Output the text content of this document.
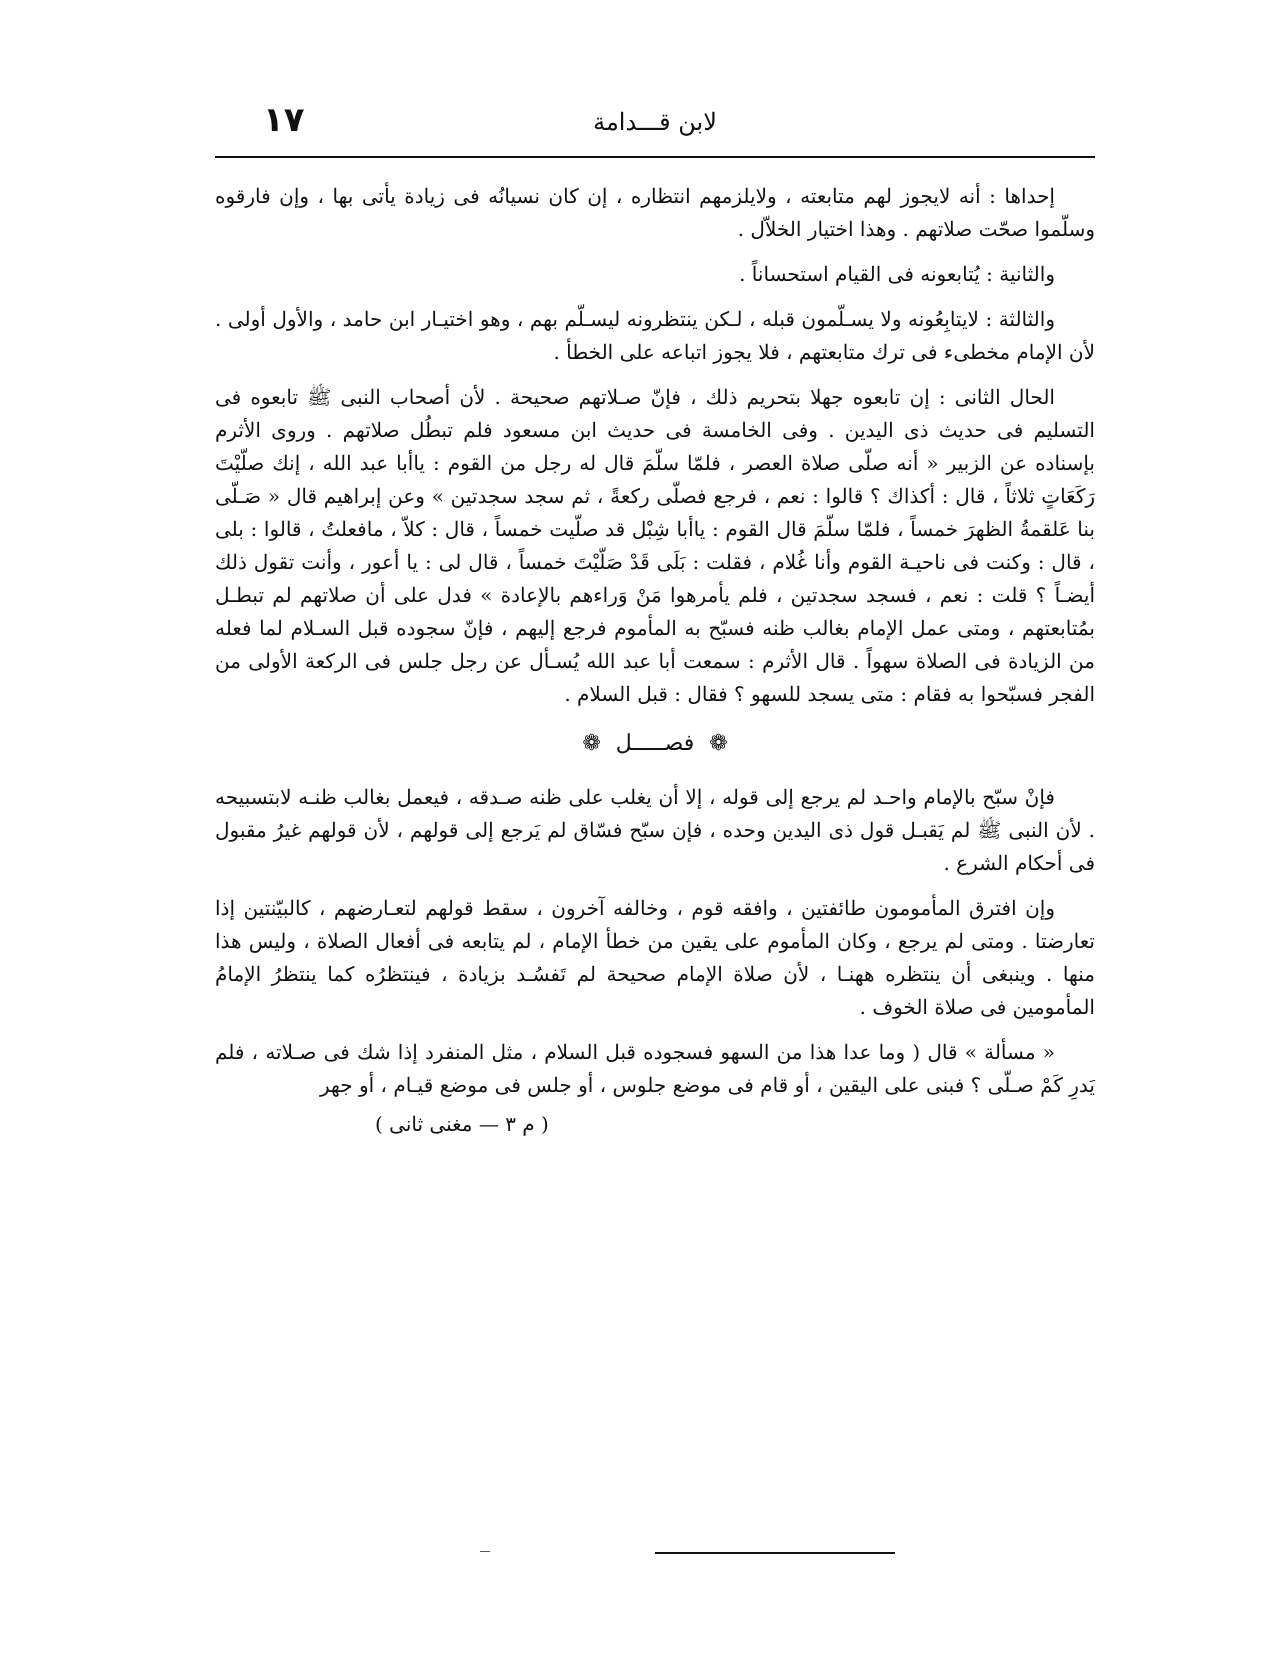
١٧	لابن قـــدامة

إحداها : أنه لايجوز لهم متابعته ، ولايلزمهم انتظاره ، إن كان نسيانُه فى زيادة يأتى بها ، وإن فارقوه وسلّموا صحّت صلاتهم . وهذا اختيار الخلاّل .

والثانية : يُتابعونه فى القيام استحساناً .

والثالثة : لايتابِعُونه ولا يسـلّمون قبله ، لـكن ينتظرونه ليسـلّم بهم ، وهو اختيـار ابن حامد ، والأول أولى . لأن الإمام مخطىء فى ترك متابعتهم ، فلا يجوز اتباعه على الخطأ .

الحال الثانى : إن تابعوه جهلا بتحريم ذلك ، فإنّ صـلاتهم صحيحة . لأن أصحاب النبى ﷺ تابعوه فى التسليم فى حديث ذى اليدين . وفى الخامسة فى حديث ابن مسعود فلم تبطُل صلاتهم . وروى الأثرم بإسناده عن الزبير « أنه صلّى صلاة العصر ، فلمّا سلّمَ قال له رجل من القوم : ياأبا عبد الله ، إنك صلّيْتَ رَكَعَاتٍ ثلاثاً ، قال : أكذاك ؟ قالوا : نعم ، فرجع فصلّى ركعةً ، ثم سجد سجدتين » وعن إبراهيم قال « صَـلّى بنا عَلقمةُ الظهرَ خمساً ، فلمّا سلّمَ قال القوم : ياأبا شِبْل قد صلّيت خمساً ، قال : كلاّ ، مافعلتُ ، قالوا : بلى ، قال : وكنت فى ناحيـة القوم وأنا غُلام ، فقلت : بَلَى قَدْ صَلّيْتَ خمساً ، قال لى : يا أعور ، وأنت تقول ذلك أيضـاً ؟ قلت : نعم ، فسجد سجدتين ، فلم يأمرهوا مَنْ وَراءهم بالإعادة » فدل على أن صلاتهم لم تبطـل بمُتابعتهم ، ومتى عمل الإمام بغالب ظنه فسبّح به المأموم فرجع إليهم ، فإنّ سجوده قبل السـلام لما فعله من الزيادة فى الصلاة سهواً . قال الأثرم : سمعت أبا عبد الله يُسـأل عن رجل جلس فى الركعة الأولى من الفجر فسبّحوا به فقام : متى يسجد للسهو ؟ فقال : قبل السلام .

❁ فصـــــل ❁

فإنْ سبّح بالإمام واحـد لم يرجع إلى قوله ، إلا أن يغلب على ظنه صـدقه ، فيعمل بغالب ظنـه لابتسبيحه . لأن النبى ﷺ لم يَقبـل قول ذى اليدين وحده ، فإن سبّح فسّاق لم يَرجع إلى قولهم ، لأن قولهم غيرُ مقبول فى أحكام الشرع .

وإن افترق المأمومون طائفتين ، وافقه قوم ، وخالفه آخرون ، سقط قولهم لتعـارضهم ، كالبيّنتين إذا تعارضتا . ومتى لم يرجع ، وكان المأموم على يقين من خطأ الإمام ، لم يتابعه فى أفعال الصلاة ، وليس هذا منها . وينبغى أن ينتظره ههنـا ، لأن صلاة الإمام صحيحة لم تَفسُـد بزيادة ، فينتظرُه كما ينتظرُ الإمامُ المأمومين فى صلاة الخوف .

« مسألة » قال ( وما عدا هذا من السهو فسجوده قبل السلام ، مثل المنفرد إذا شك فى صـلاته ، فلم يَدرِ كَمْ صـلّى ؟ فبنى على اليقين ، أو قام فى موضع جلوس ، أو جلس فى موضع قيـام ، أو جهر

( م ٣ — مغنى ثانى )
